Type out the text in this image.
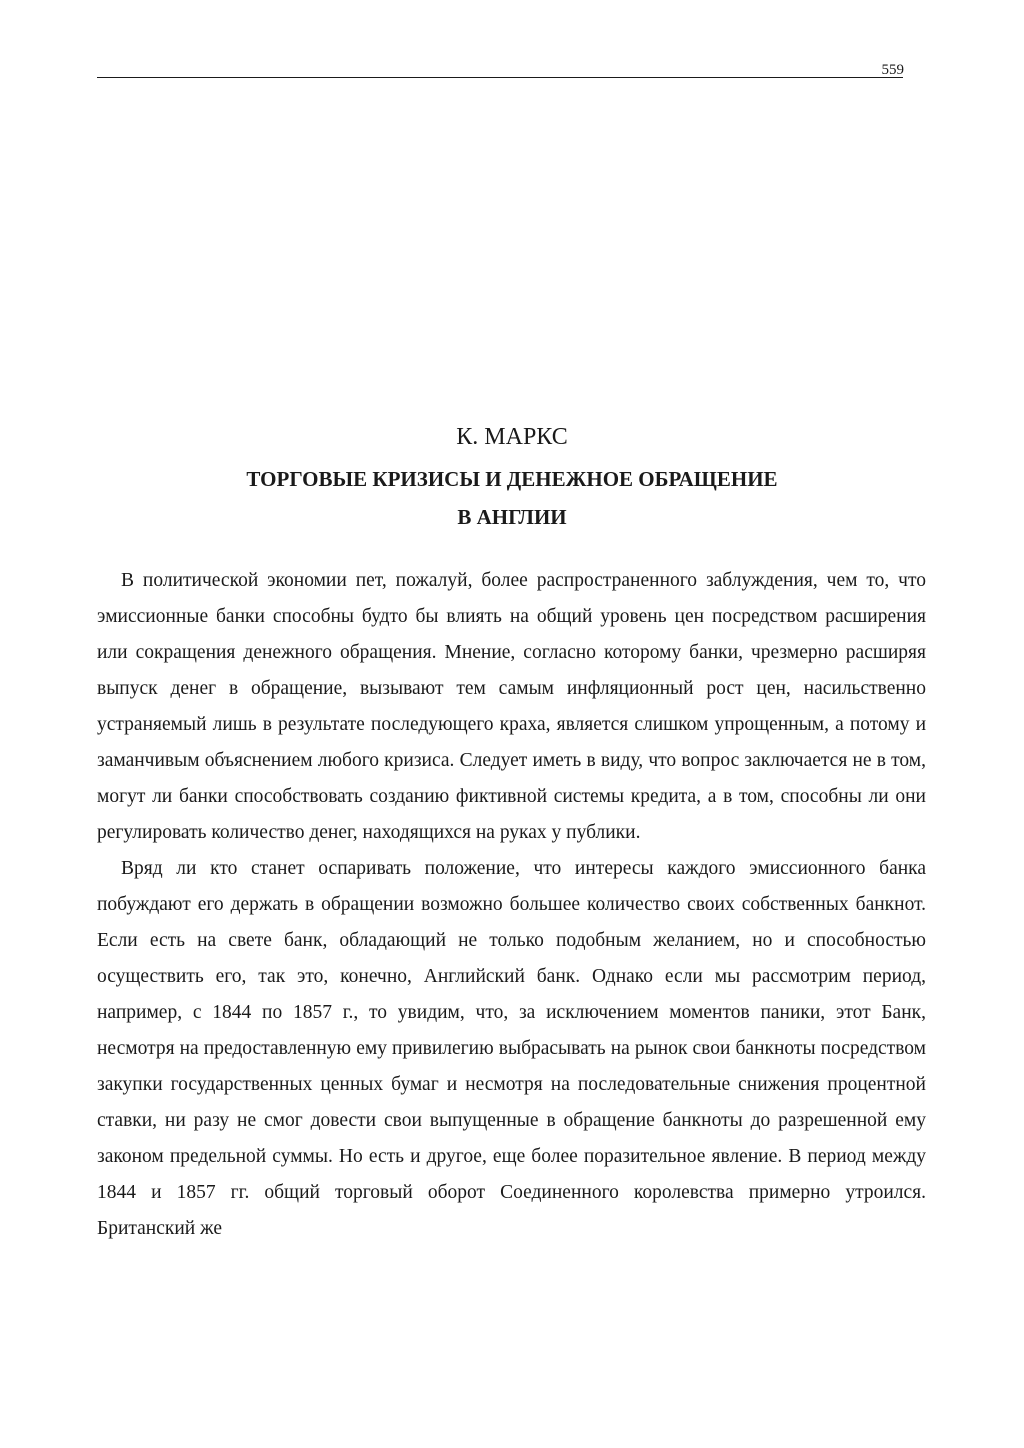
559
К. МАРКС
ТОРГОВЫЕ КРИЗИСЫ И ДЕНЕЖНОЕ ОБРАЩЕНИЕ
В АНГЛИИ

В политической экономии пет, пожалуй, более распространенного заблуждения, чем то, что эмиссионные банки способны будто бы влиять на общий уровень цен посредством расширения или сокращения денежного обращения. Мнение, согласно которому банки, чрезмерно расширяя выпуск денег в обращение, вызывают тем самым инфляционный рост цен, насильственно устраняемый лишь в результате последующего краха, является слишком упрощенным, а потому и заманчивым объяснением любого кризиса. Следует иметь в виду, что вопрос заключается не в том, могут ли банки способствовать созданию фиктивной системы кредита, а в том, способны ли они регулировать количество денег, находящихся на руках у публики.

Вряд ли кто станет оспаривать положение, что интересы каждого эмиссионного банка побуждают его держать в обращении возможно большее количество своих собственных банкнот. Если есть на свете банк, обладающий не только подобным желанием, но и способностью осуществить его, так это, конечно, Английский банк. Однако если мы рассмотрим период, например, с 1844 по 1857 г., то увидим, что, за исключением моментов паники, этот Банк, несмотря на предоставленную ему привилегию выбрасывать на рынок свои банкноты посредством закупки государственных ценных бумаг и несмотря на последовательные снижения процентной ставки, ни разу не смог довести свои выпущенные в обращение банкноты до разрешенной ему законом предельной суммы. Но есть и другое, еще более поразительное явление. В период между 1844 и 1857 гг. общий торговый оборот Соединенного королевства примерно утроился. Британский же
